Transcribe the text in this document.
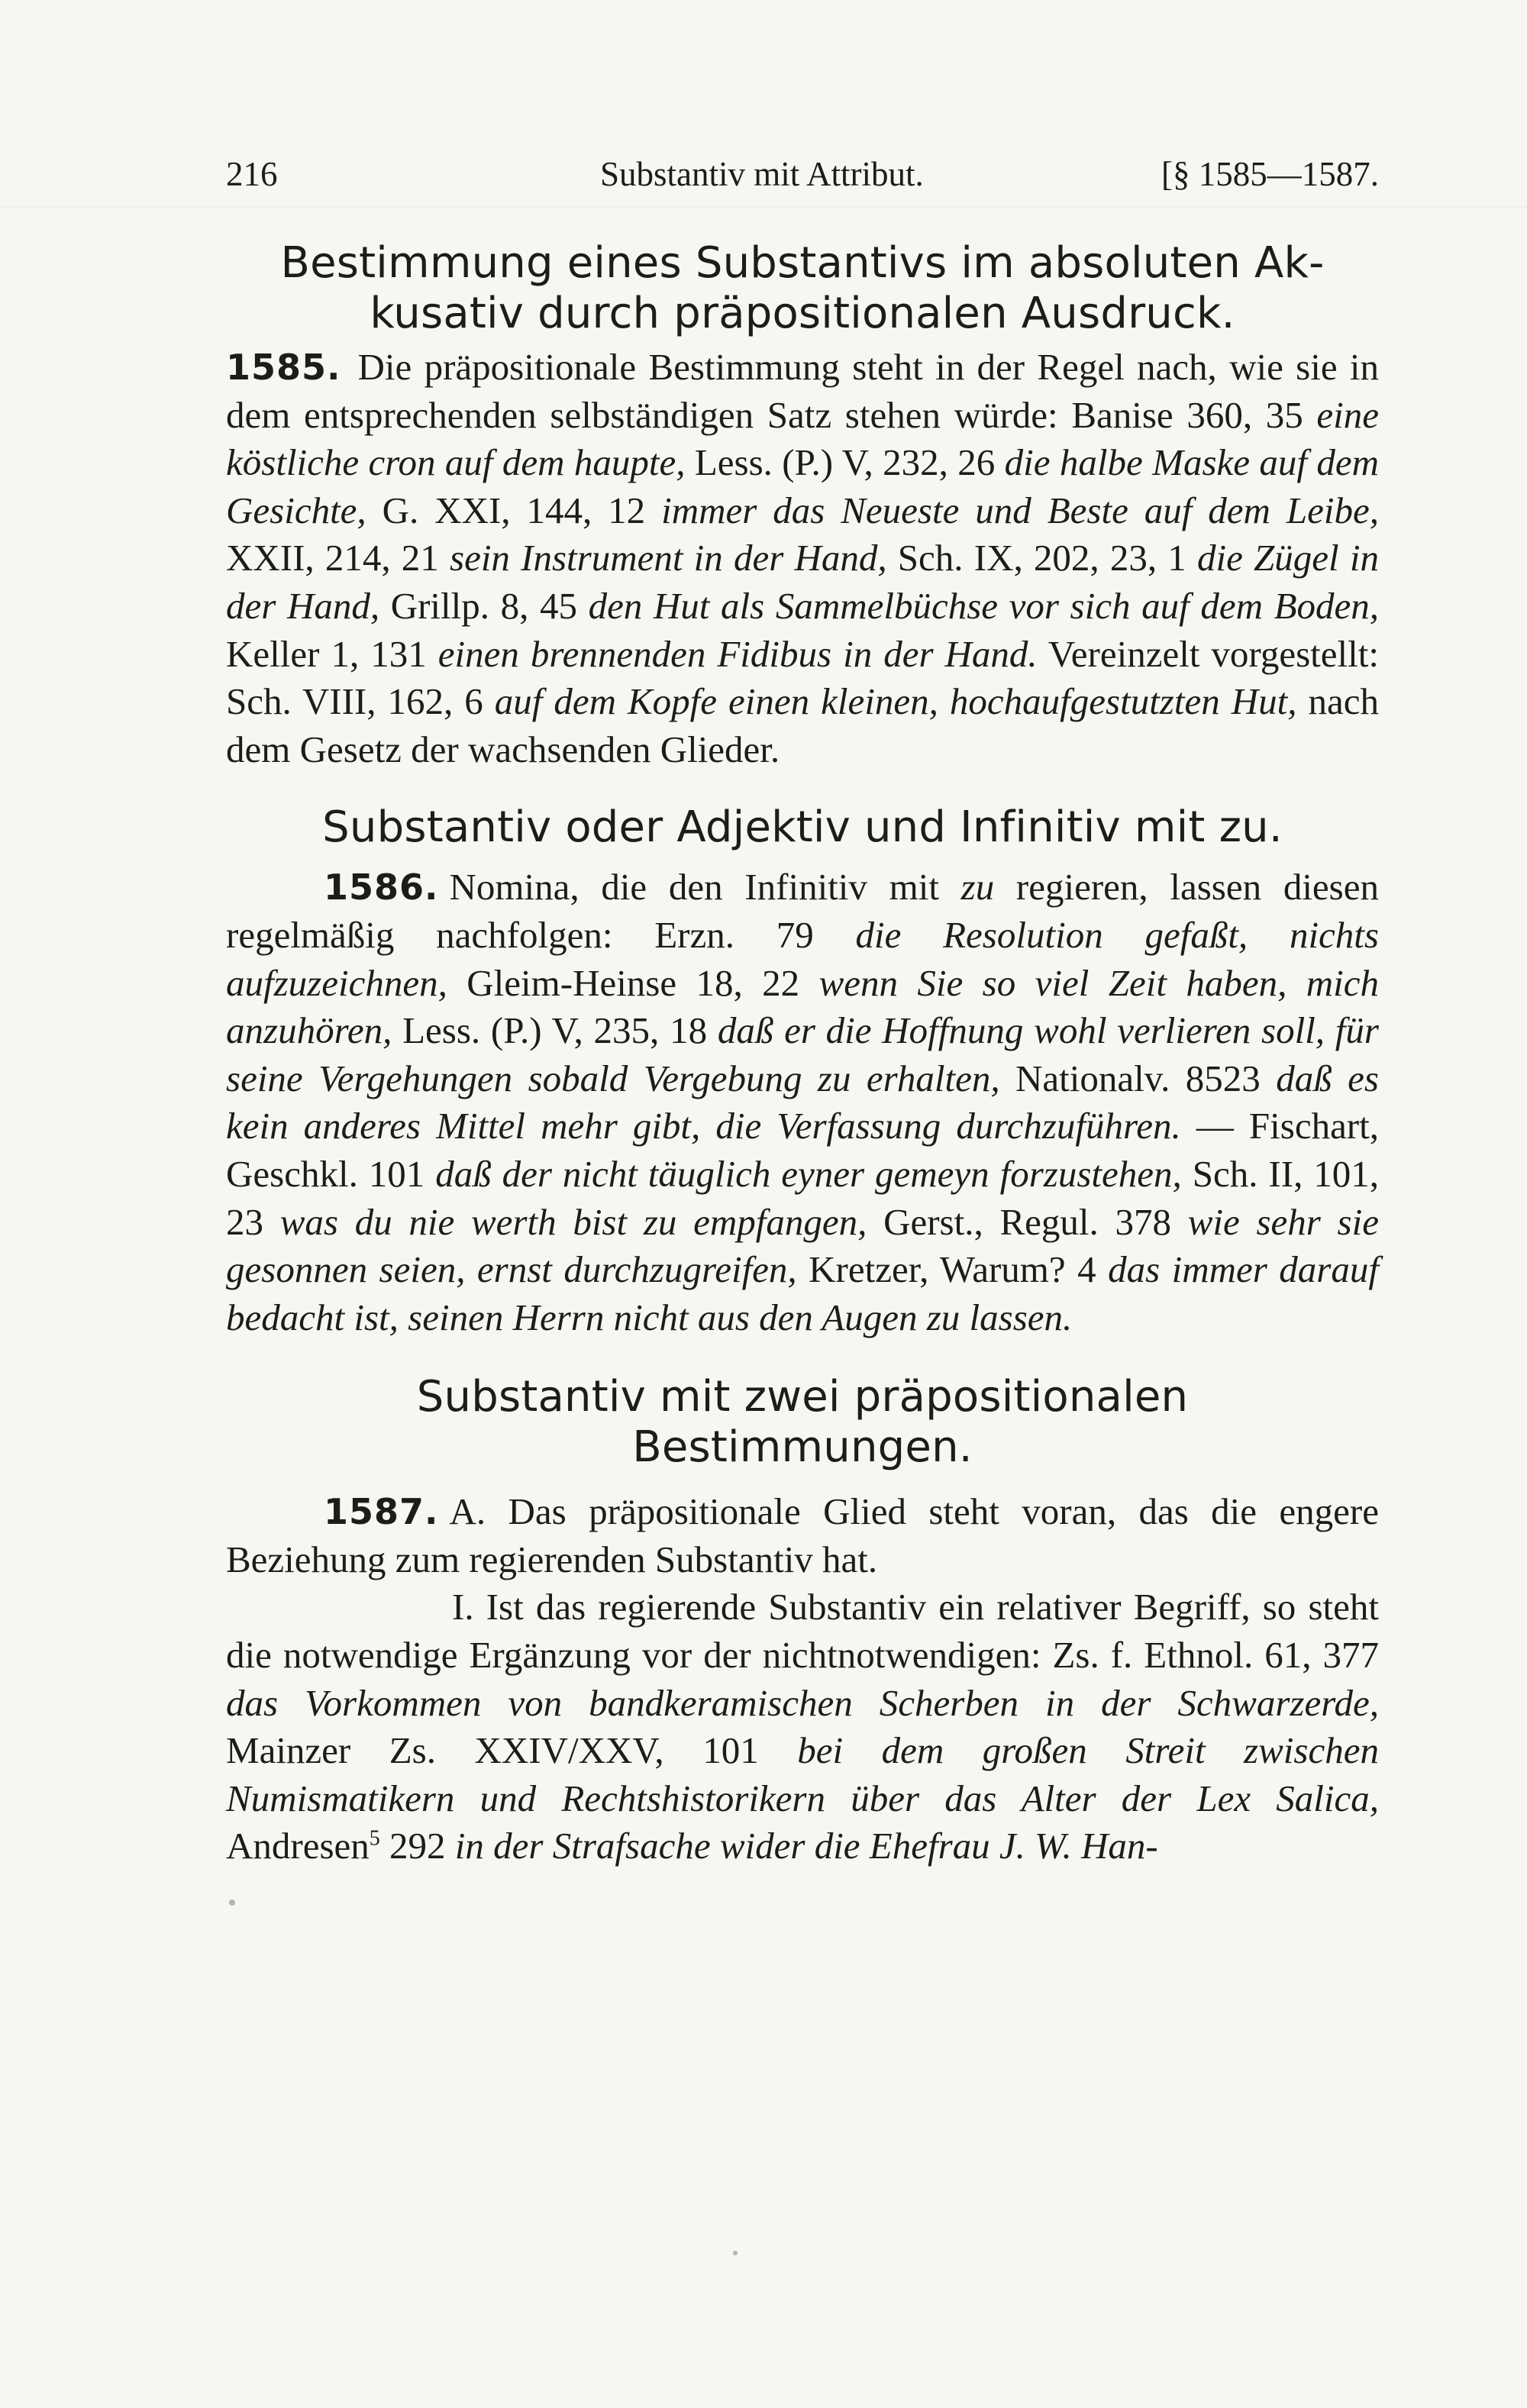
216	Substantiv mit Attribut.	[§ 1585—1587.
Bestimmung eines Substantivs im absoluten Ak-
kusativ durch präpositionalen Ausdruck.

1585. Die präpositionale Bestimmung steht in der Regel nach, wie sie in dem entsprechenden selbständigen Satz stehen würde: Banise 360, 35 eine köstliche cron auf dem haupte, Less. (P.) V, 232, 26 die halbe Maske auf dem Gesichte, G. XXI, 144, 12 immer das Neueste und Beste auf dem Leibe, XXII, 214, 21 sein Instrument in der Hand, Sch. IX, 202, 23, 1 die Zügel in der Hand, Grillp. 8, 45 den Hut als Sammelbüchse vor sich auf dem Boden, Keller 1, 131 einen brennenden Fidibus in der Hand. Vereinzelt vorgestellt: Sch. VIII, 162, 6 auf dem Kopfe einen kleinen, hochaufgestutzten Hut, nach dem Gesetz der wachsenden Glieder.

Substantiv oder Adjektiv und Infinitiv mit zu.

1586. Nomina, die den Infinitiv mit zu regieren, lassen diesen regelmäßig nachfolgen: Erzn. 79 die Resolution gefaßt, nichts aufzuzeichnen, Gleim-Heinse 18, 22 wenn Sie so viel Zeit haben, mich anzuhören, Less. (P.) V, 235, 18 daß er die Hoffnung wohl verlieren soll, für seine Vergehungen sobald Vergebung zu erhalten, Nationalv. 8523 daß es kein anderes Mittel mehr gibt, die Verfassung durchzuführen. — Fischart, Geschkl. 101 daß der nicht täuglich eyner gemeyn forzustehen, Sch. II, 101, 23 was du nie werth bist zu empfangen, Gerst., Regul. 378 wie sehr sie gesonnen seien, ernst durchzugreifen, Kretzer, Warum? 4 das immer darauf bedacht ist, seinen Herrn nicht aus den Augen zu lassen.

Substantiv mit zwei präpositionalen
Bestimmungen.

1587. A. Das präpositionale Glied steht voran, das die engere Beziehung zum regierenden Substantiv hat.

I. Ist das regierende Substantiv ein relativer Begriff, so steht die notwendige Ergänzung vor der nichtnotwendigen: Zs. f. Ethnol. 61, 377 das Vorkommen von bandkeramischen Scherben in der Schwarzerde, Mainzer Zs. XXIV/XXV, 101 bei dem großen Streit zwischen Numismatikern und Rechtshistorikern über das Alter der Lex Salica, Andresen$^5$ 292 in der Strafsache wider die Ehefrau J. W. Han-
